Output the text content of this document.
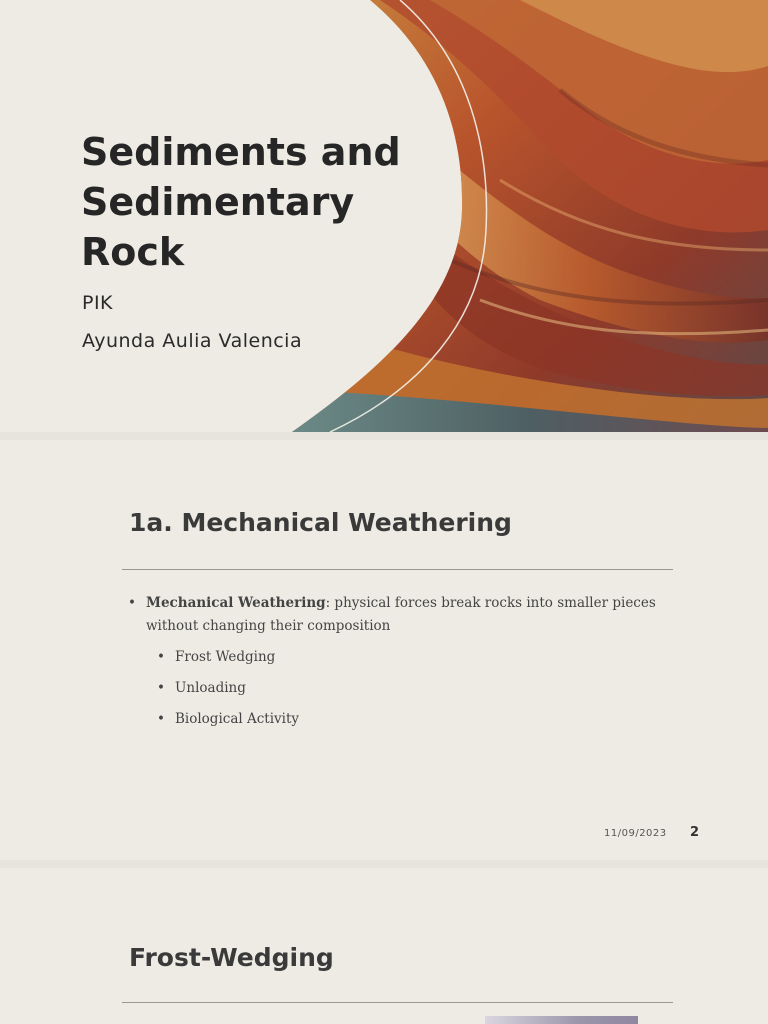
Sediments and Sedimentary Rock
PIK
Ayunda Aulia Valencia
1a. Mechanical Weathering
• Mechanical Weathering: physical forces break rocks into smaller pieces without changing their composition
• Frost Wedging
• Unloading
• Biological Activity
11/09/2023 2
Frost-Wedging
